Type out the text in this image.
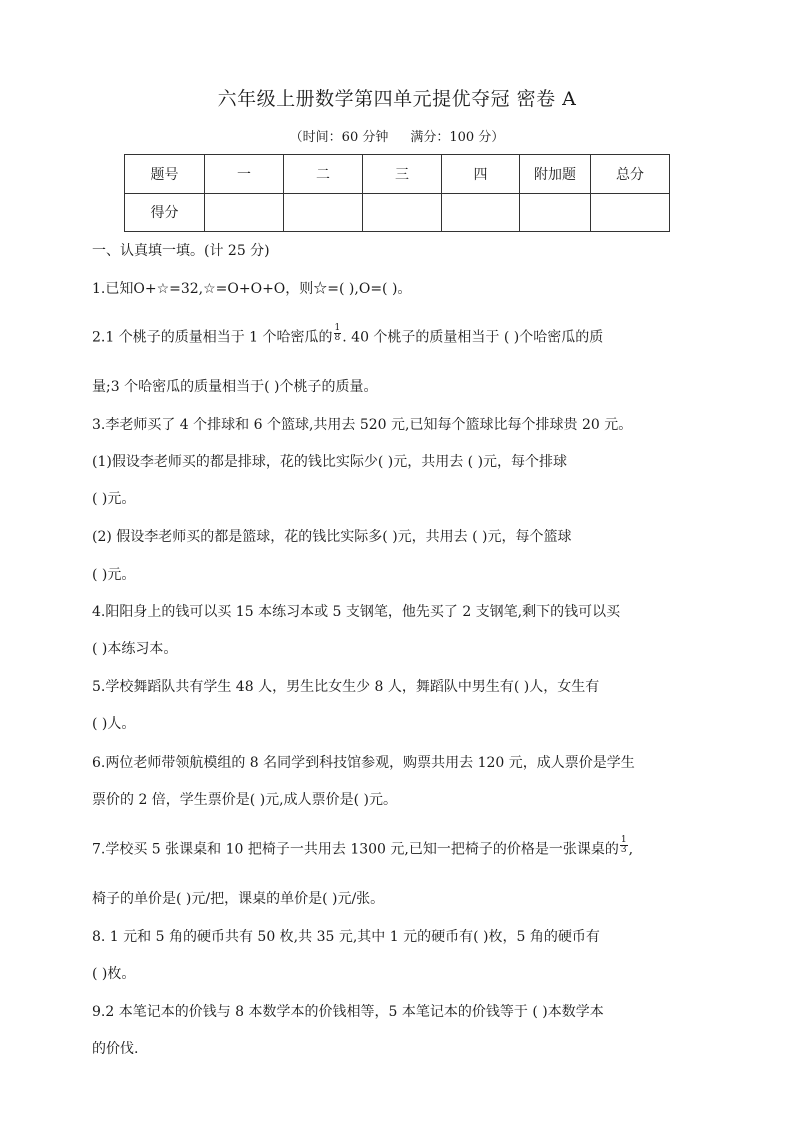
六年级上册数学第四单元提优夺冠 密卷 A
（时间：60 分钟 满分：100 分）
题号	一	二	三	四	附加题	总分
得分						
一、认真填一填。(计 25 分)
1.已知O+☆=32,☆=O+O+O，则☆=( ),O=( )。
2.1 个桃子的质量相当于 1 个哈密瓜的 $\frac{1}{8}$ . 40 个桃子的质量相当于 ( )个哈密瓜的质
量;3 个哈密瓜的质量相当于( )个桃子的质量。
3.李老师买了 4 个排球和 6 个篮球,共用去 520 元,已知每个篮球比每个排球贵 20 元。
(1)假设李老师买的都是排球，花的钱比实际少( )元，共用去 ( )元，每个排球
( )元。
(2) 假设李老师买的都是篮球，花的钱比实际多( )元，共用去 ( )元，每个篮球
( )元。
4.阳阳身上的钱可以买 15 本练习本或 5 支钢笔，他先买了 2 支钢笔,剩下的钱可以买
( )本练习本。
5.学校舞蹈队共有学生 48 人，男生比女生少 8 人，舞蹈队中男生有( )人，女生有
( )人。
6.两位老师带领航模组的 8 名同学到科技馆参观，购票共用去 120 元，成人票价是学生
票价的 2 倍，学生票价是( )元,成人票价是( )元。
7.学校买 5 张课桌和 10 把椅子一共用去 1300 元,已知一把椅子的价格是一张课桌的 $\frac{1}{3}$ ,
椅子的单价是( )元/把，课桌的单价是( )元/张。
8. 1 元和 5 角的硬币共有 50 枚,共 35 元,其中 1 元的硬币有( )枚，5 角的硬币有
( )枚。
9.2 本笔记本的价钱与 8 本数学本的价钱相等，5 本笔记本的价钱等于 ( )本数学本
的价伐.
